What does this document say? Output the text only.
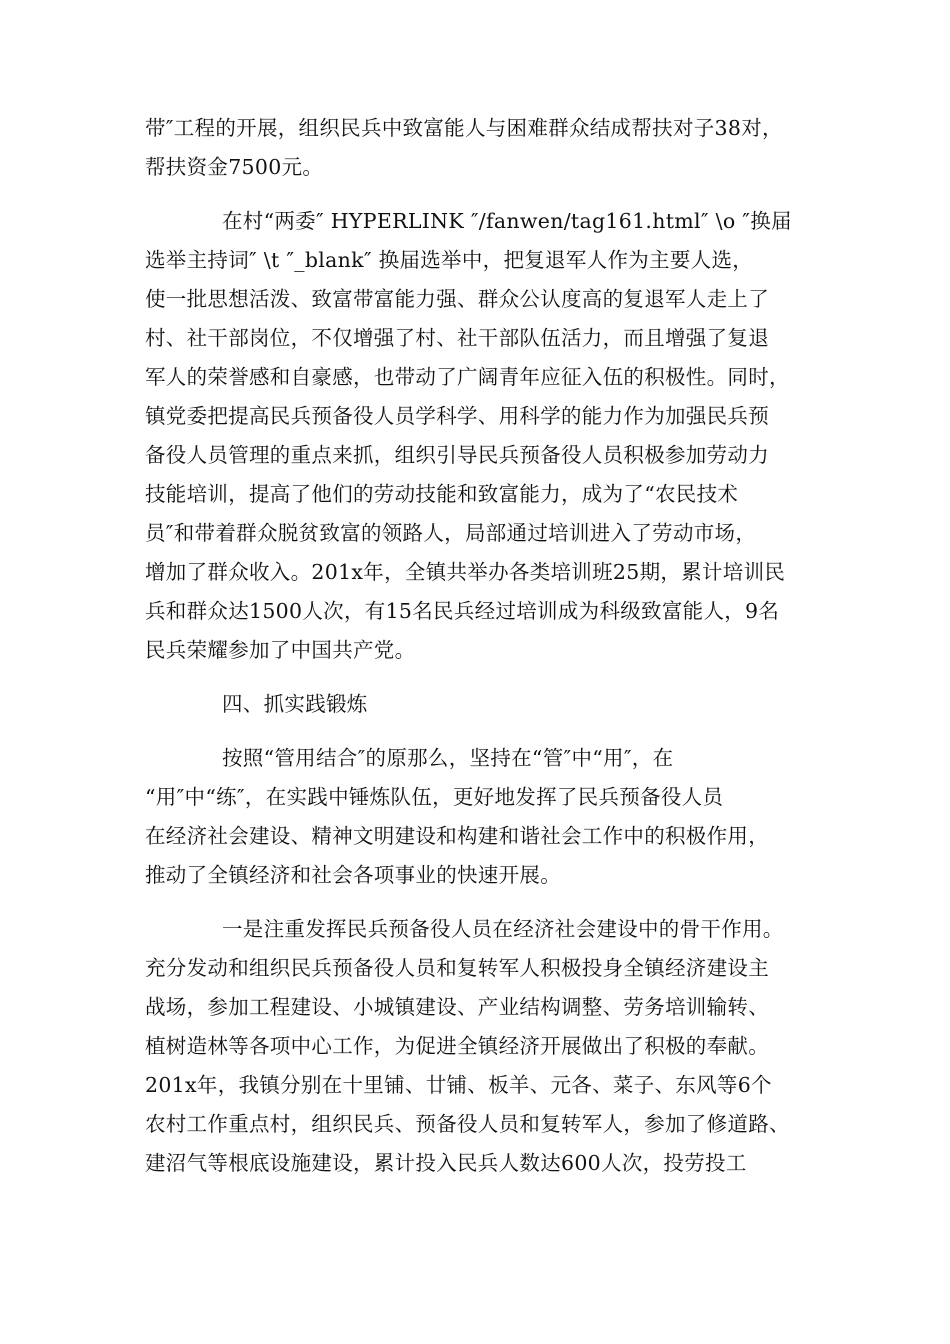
带″工程的开展，组织民兵中致富能人与困难群众结成帮扶对子38对，
帮扶资金7500元。
在村“两委″ HYPERLINK ″/fanwen/tag161.html″ \o ″换届
选举主持词″ \t ″_blank″ 换届选举中，把复退军人作为主要人选，
使一批思想活泼、致富带富能力强、群众公认度高的复退军人走上了
村、社干部岗位，不仅增强了村、社干部队伍活力，而且增强了复退
军人的荣誉感和自豪感，也带动了广阔青年应征入伍的积极性。同时，
镇党委把提高民兵预备役人员学科学、用科学的能力作为加强民兵预
备役人员管理的重点来抓，组织引导民兵预备役人员积极参加劳动力
技能培训，提高了他们的劳动技能和致富能力，成为了“农民技术
员″和带着群众脱贫致富的领路人，局部通过培训进入了劳动市场，
增加了群众收入。201x年，全镇共举办各类培训班25期，累计培训民
兵和群众达1500人次，有15名民兵经过培训成为科级致富能人，9名
民兵荣耀参加了中国共产党。
四、抓实践锻炼
按照“管用结合″的原那么，坚持在“管″中“用″，在
“用″中“练″，在实践中锤炼队伍，更好地发挥了民兵预备役人员
在经济社会建设、精神文明建设和构建和谐社会工作中的积极作用，
推动了全镇经济和社会各项事业的快速开展。
一是注重发挥民兵预备役人员在经济社会建设中的骨干作用。
充分发动和组织民兵预备役人员和复转军人积极投身全镇经济建设主
战场，参加工程建设、小城镇建设、产业结构调整、劳务培训输转、
植树造林等各项中心工作，为促进全镇经济开展做出了积极的奉献。
201x年，我镇分别在十里铺、廿铺、板羊、元各、菜子、东风等6个
农村工作重点村，组织民兵、预备役人员和复转军人，参加了修道路、
建沼气等根底设施建设，累计投入民兵人数达600人次，投劳投工
